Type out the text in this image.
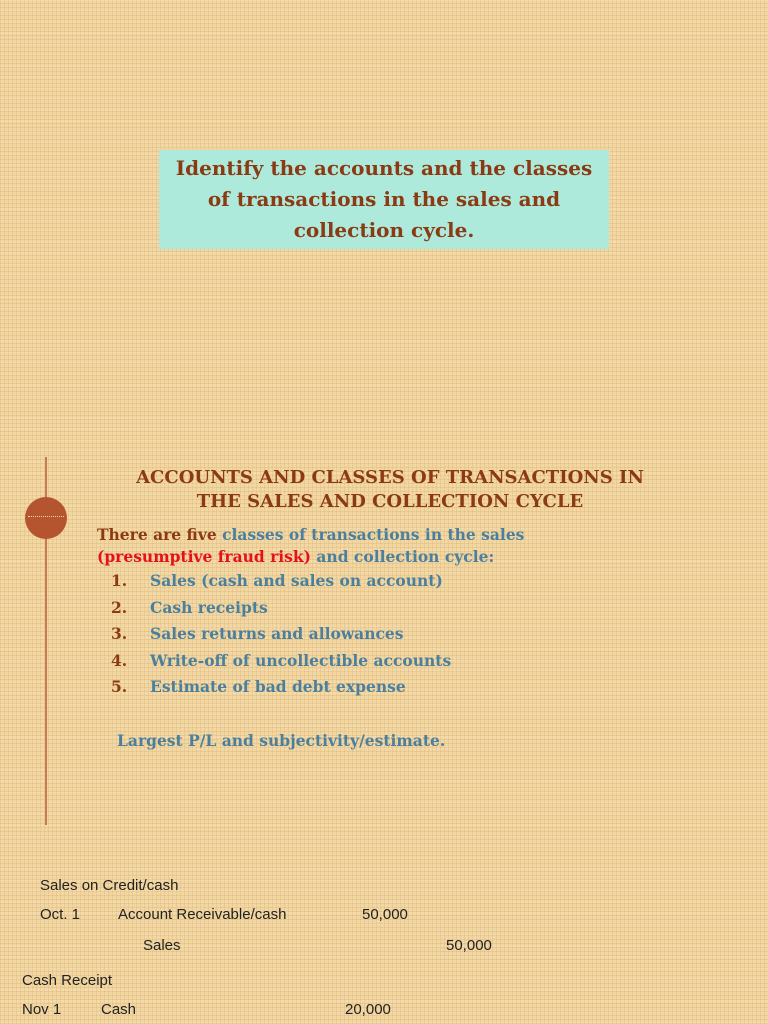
Identify the accounts and the classes of transactions in the sales and collection cycle.
ACCOUNTS AND CLASSES OF TRANSACTIONS IN
THE SALES AND COLLECTION CYCLE
There are five classes of transactions in the sales
(presumptive fraud risk) and collection cycle:
1.	Sales (cash and sales on account)
2.	Cash receipts
3.	Sales returns and allowances
4.	Write-off of uncollectible accounts
5.	Estimate of bad debt expense
Largest P/L and subjectivity/estimate.
Sales on Credit/cash
Oct. 1	Account Receivable/cash	50,000
Sales	50,000
Cash Receipt
Nov 1	Cash	20,000
